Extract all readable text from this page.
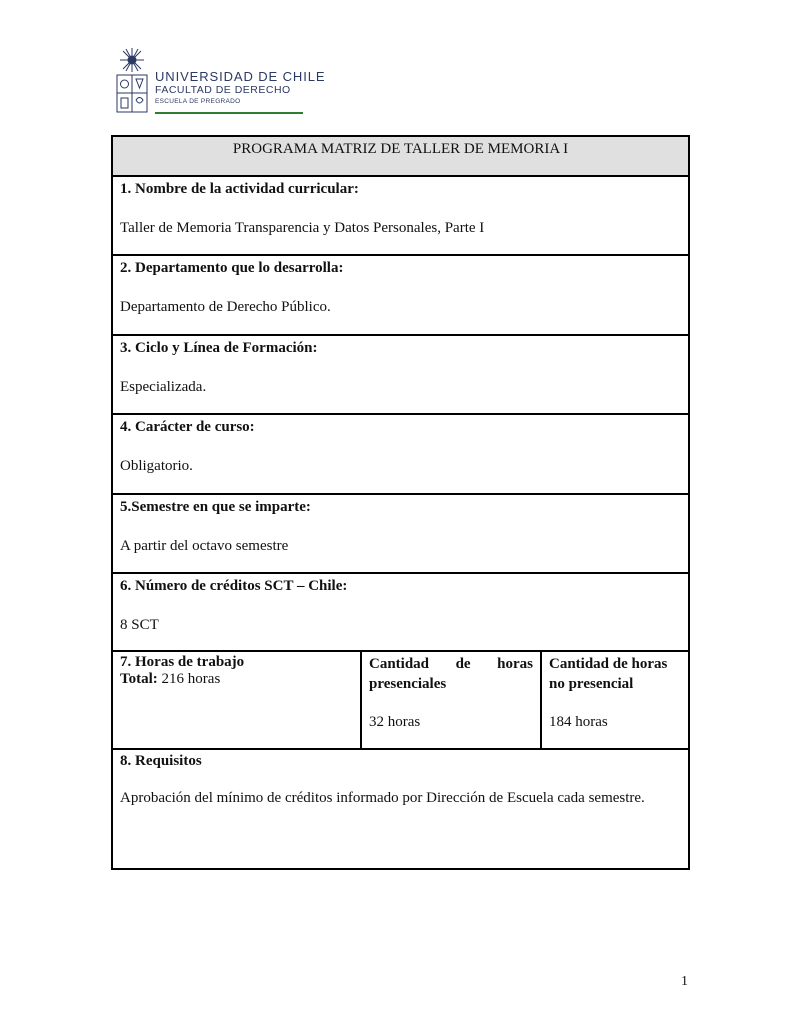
UNIVERSIDAD DE CHILE
FACULTAD DE DERECHO
ESCUELA DE PREGRADO
PROGRAMA MATRIZ DE TALLER DE MEMORIA I
1. Nombre de la actividad curricular:
Taller de Memoria Transparencia y Datos Personales, Parte I
2. Departamento que lo desarrolla:
Departamento de Derecho Público.
3. Ciclo y Línea de Formación:
Especializada.
4. Carácter de curso:
Obligatorio.
5.Semestre en que se imparte:
A partir del octavo semestre
6. Número de créditos SCT – Chile:
8 SCT
7. Horas de trabajo
Total: 216 horas
Cantidad de horas
presenciales
32 horas
Cantidad de horas
no presencial
184 horas
8. Requisitos
Aprobación del mínimo de créditos informado por Dirección de Escuela cada semestre.
1
